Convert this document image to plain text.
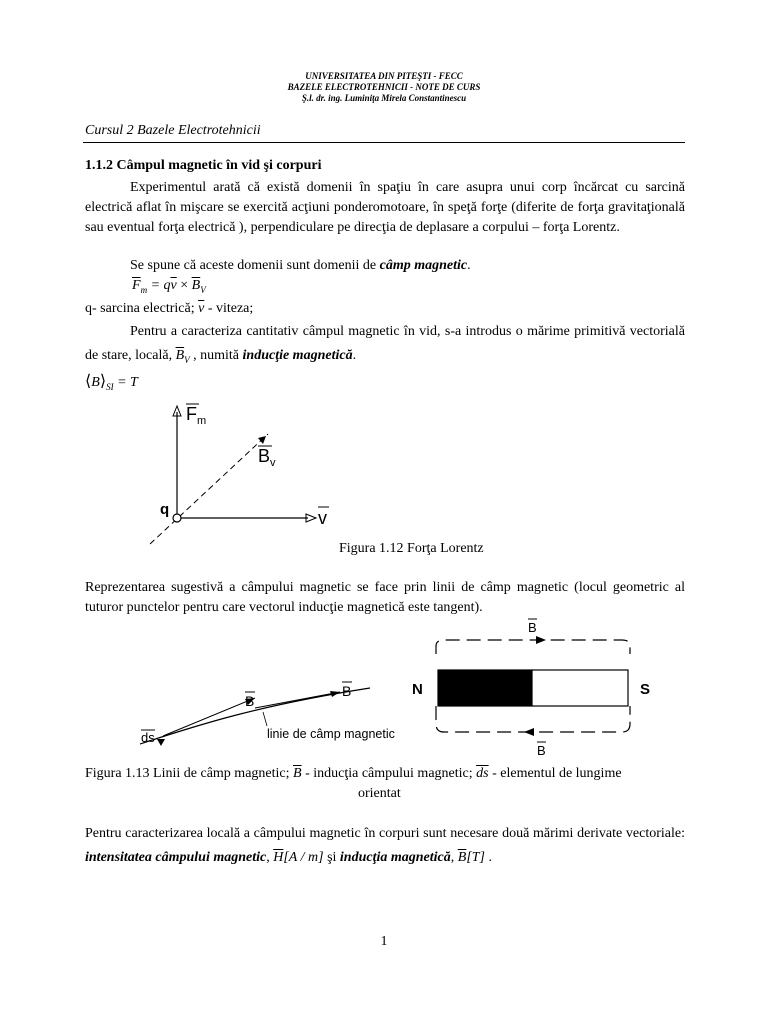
UNIVERSITATEA DIN PITEŞTI - FECC
BAZELE ELECTROTEHNICII - NOTE DE CURS
Ş.l. dr. ing. Luminiţa Mirela Constantinescu
Cursul 2 Bazele Electrotehnicii
1.1.2 Câmpul magnetic în vid şi corpuri
Experimentul arată că există domenii în spaţiu în care asupra unui corp încărcat cu sarcină electrică aflat în mişcare se exercită acţiuni ponderomotoare, în speţă forţe (diferite de forţa gravitaţională sau eventual forţa electrică ), perpendiculare pe direcţia de deplasare a corpului – forţa Lorentz.
Se spune că aceste domenii sunt domenii de câmp magnetic.
$\overline{F}_m = q\overline{v} \times \overline{B}_V$
q- sarcina electrică; $\overline{v}$ - viteza;
Pentru a caracteriza cantitativ câmpul magnetic în vid, s-a introdus o mărime primitivă vectorială de stare, locală, $\overline{B}_V$ , numită inducţie magnetică.
$⟨B⟩_{SI} = T$
F m
B v
q	v
Figura 1.12 Forţa Lorentz
Reprezentarea sugestivă a câmpului magnetic se face prin linii de câmp magnetic (locul geometric al tuturor punctelor pentru care vectorul inducţie magnetică este tangent).
B
B
ds	linie de câmp magnetic
B
B
N	S
Figura 1.13 Linii de câmp magnetic; $\overline{B}$ - inducţia câmpului magnetic; $\overline{ds}$ - elementul de lungime
orientat
Pentru caracterizarea locală a câmpului magnetic în corpuri sunt necesare două mărimi derivate vectoriale: intensitatea câmpului magnetic, $\overline{H}[A / m]$ şi inducţia magnetică, $\overline{B}[T]$ .
1
